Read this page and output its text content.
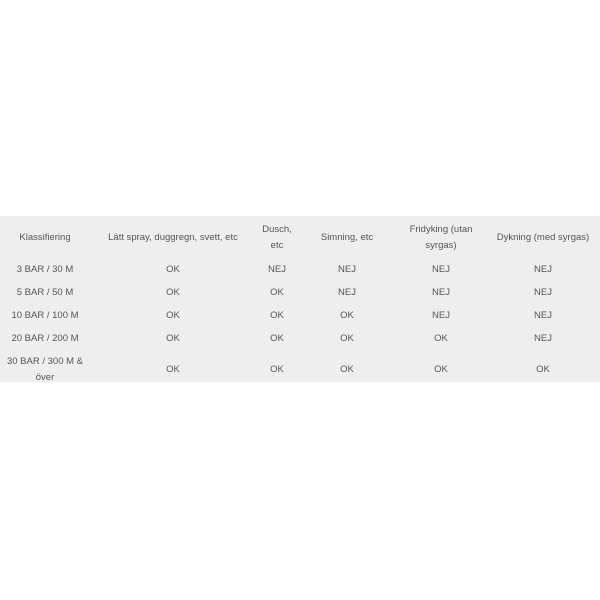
Klassifiering	Lätt spray, duggregn, svett, etc	Dusch, etc	Simning, etc	Fridyking (utan syrgas)	Dykning (med syrgas)
3 BAR / 30 M	OK	NEJ	NEJ	NEJ	NEJ
5 BAR / 50 M	OK	OK	NEJ	NEJ	NEJ
10 BAR / 100 M	OK	OK	OK	NEJ	NEJ
20 BAR / 200 M	OK	OK	OK	OK	NEJ
30 BAR / 300 M & över	OK	OK	OK	OK	OK
